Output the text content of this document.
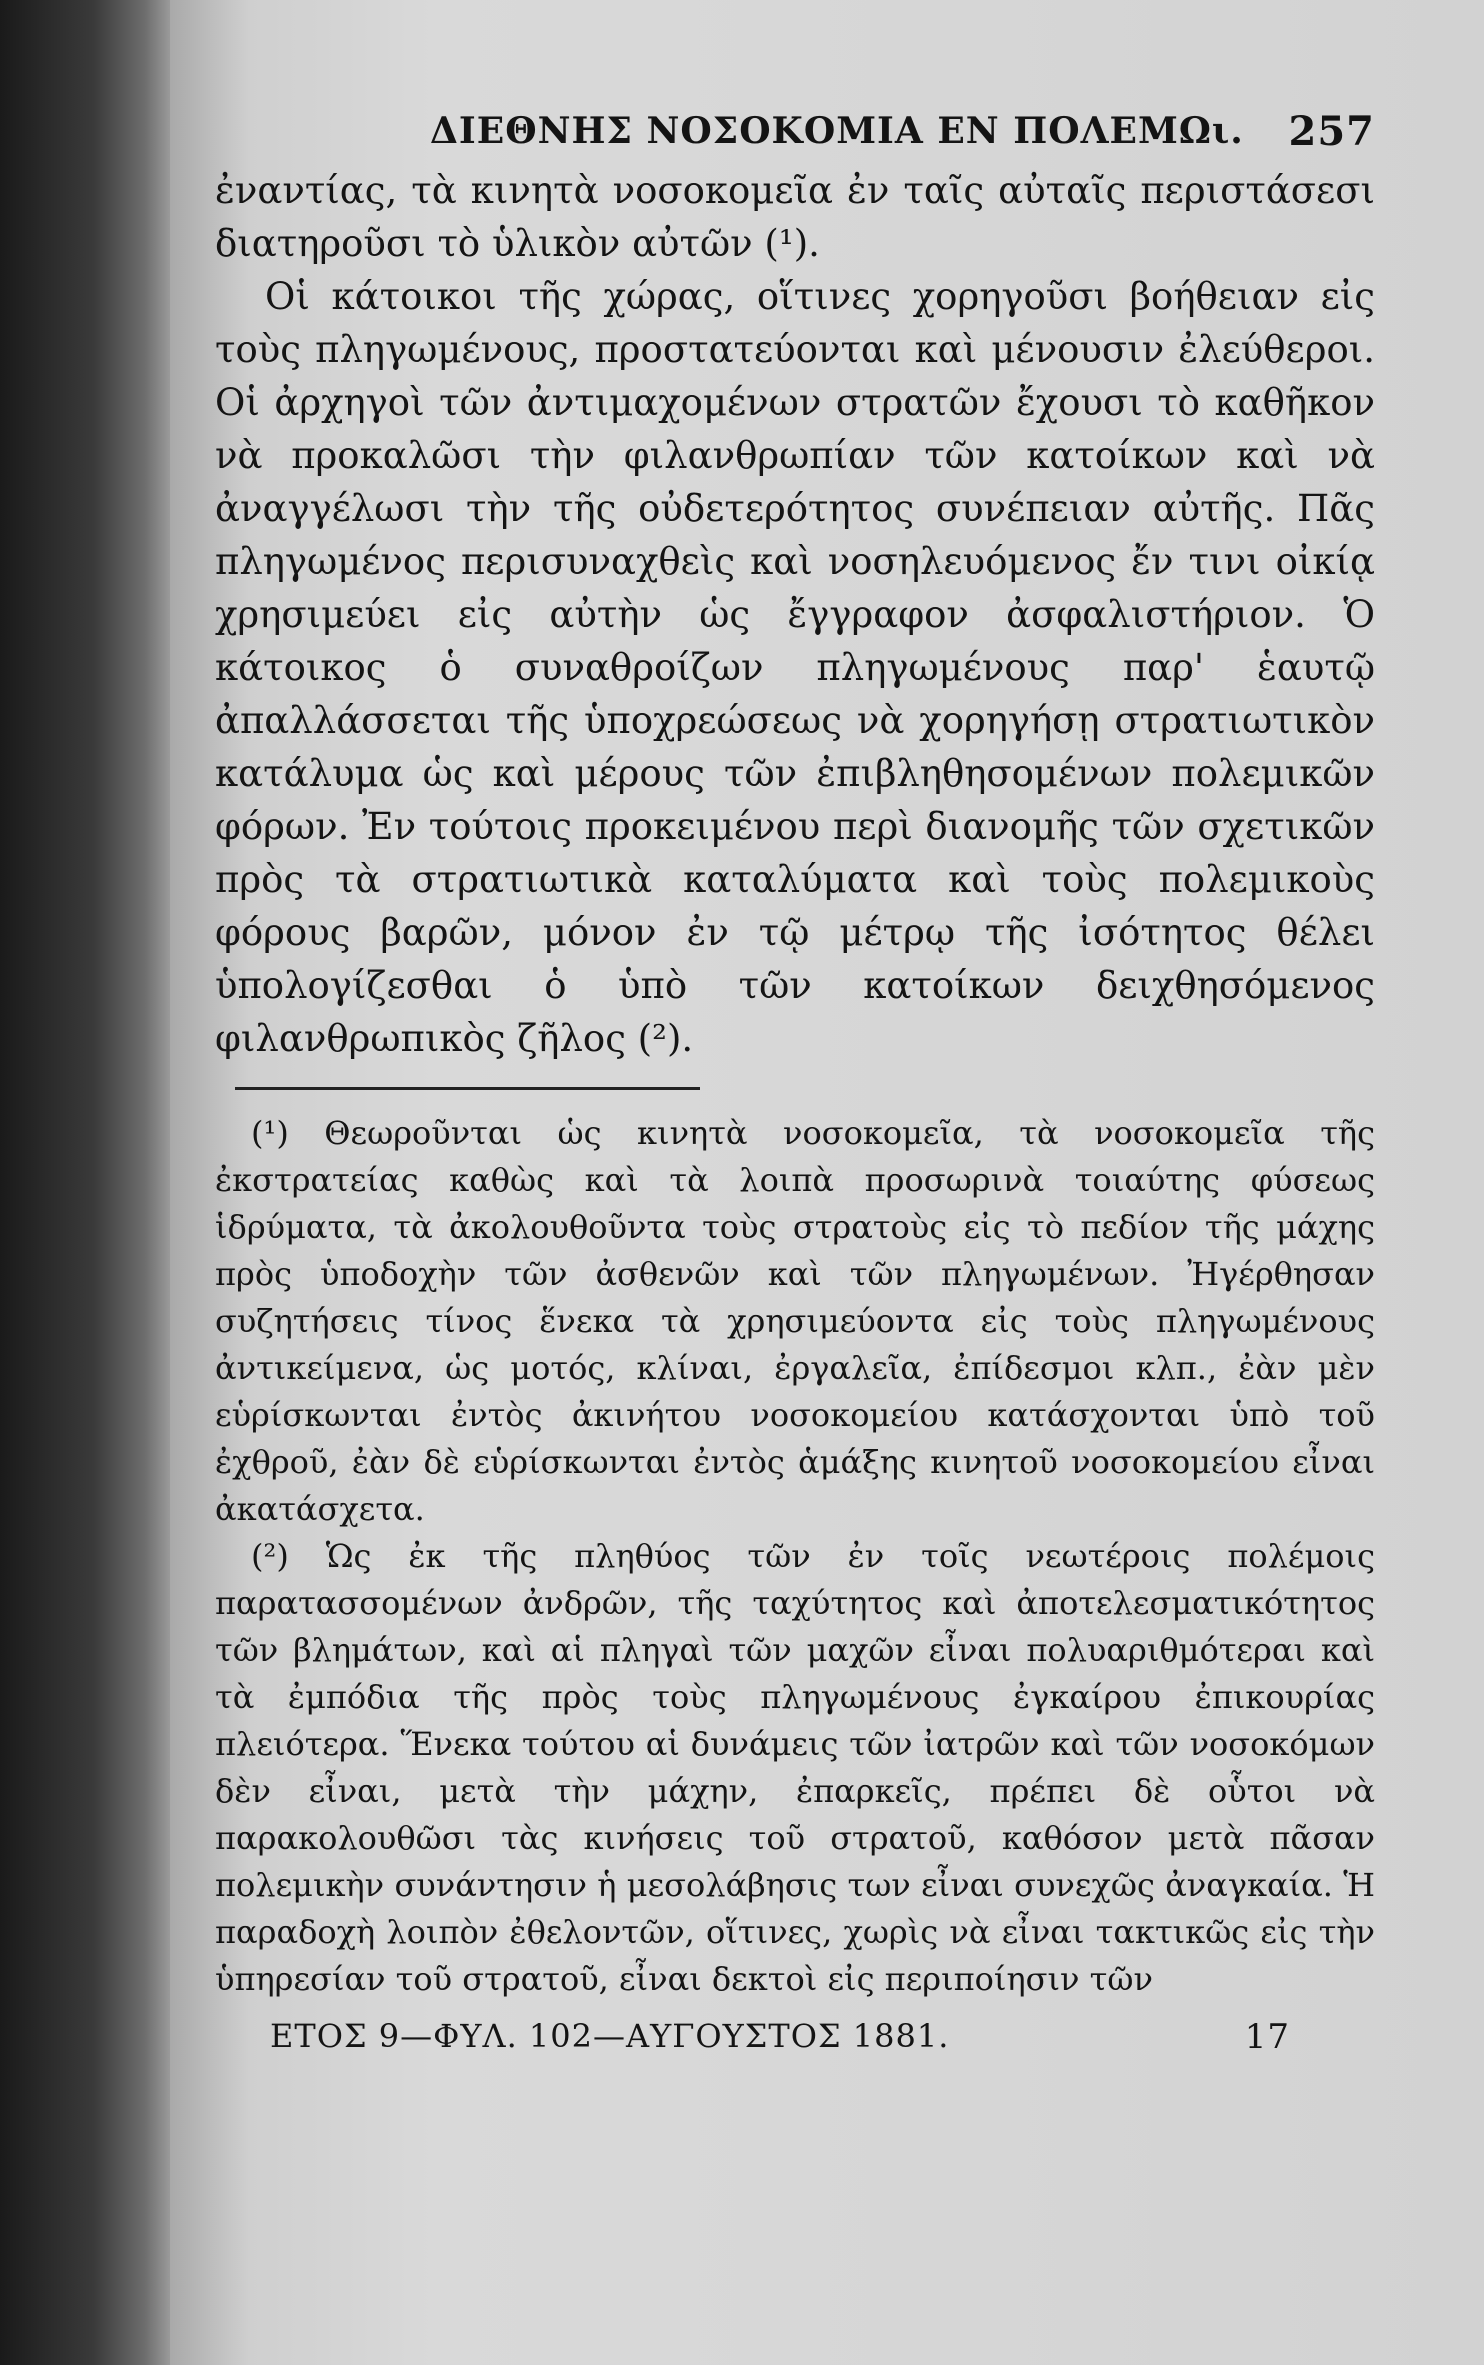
ΔΙΕΘΝΗΣ ΝΟΣΟΚΟΜΙΑ ΕΝ ΠΟΛΕΜΩι. 257

ἐναντίας, τὰ κινητὰ νοσοκομεῖα ἐν ταῖς αὐταῖς περιστάσεσι διατηροῦσι τὸ ὑλικὸν αὐτῶν (¹).

Οἱ κάτοικοι τῆς χώρας, οἵτινες χορηγοῦσι βοήθειαν εἰς τοὺς πληγωμένους, προστατεύονται καὶ μένουσιν ἐλεύθεροι. Οἱ ἀρχηγοὶ τῶν ἀντιμαχομένων στρατῶν ἔχουσι τὸ καθῆκον νὰ προκαλῶσι τὴν φιλανθρωπίαν τῶν κατοίκων καὶ νὰ ἀναγγέλωσι τὴν τῆς οὐδετερότητος συνέπειαν αὐτῆς. Πᾶς πληγωμένος περισυναχθεὶς καὶ νοσηλευόμενος ἔν τινι οἰκίᾳ χρησιμεύει εἰς αὐτὴν ὡς ἔγγραφον ἀσφαλιστήριον. Ὁ κάτοικος ὁ συναθροίζων πληγωμένους παρ' ἑαυτῷ ἀπαλλάσσεται τῆς ὑποχρεώσεως νὰ χορηγήσῃ στρατιωτικὸν κατάλυμα ὡς καὶ μέρους τῶν ἐπιβληθησομένων πολεμικῶν φόρων. Ἐν τούτοις προκειμένου περὶ διανομῆς τῶν σχετικῶν πρὸς τὰ στρατιωτικὰ καταλύματα καὶ τοὺς πολεμικοὺς φόρους βαρῶν, μόνον ἐν τῷ μέτρῳ τῆς ἰσότητος θέλει ὑπολογίζεσθαι ὁ ὑπὸ τῶν κατοίκων δειχθησόμενος φιλανθρωπικὸς ζῆλος (²).

(¹) Θεωροῦνται ὡς κινητὰ νοσοκομεῖα, τὰ νοσοκομεῖα τῆς ἐκστρατείας καθὼς καὶ τὰ λοιπὰ προσωρινὰ τοιαύτης φύσεως ἱδρύματα, τὰ ἀκολουθοῦντα τοὺς στρατοὺς εἰς τὸ πεδίον τῆς μάχης πρὸς ὑποδοχὴν τῶν ἀσθενῶν καὶ τῶν πληγωμένων. Ἠγέρθησαν συζητήσεις τίνος ἕνεκα τὰ χρησιμεύοντα εἰς τοὺς πληγωμένους ἀντικείμενα, ὡς μοτός, κλίναι, ἐργαλεῖα, ἐπίδεσμοι κλπ., ἐὰν μὲν εὑρίσκωνται ἐντὸς ἀκινήτου νοσοκομείου κατάσχονται ὑπὸ τοῦ ἐχθροῦ, ἐὰν δὲ εὑρίσκωνται ἐντὸς ἁμάξης κινητοῦ νοσοκομείου εἶναι ἀκατάσχετα.

(²) Ὡς ἐκ τῆς πληθύος τῶν ἐν τοῖς νεωτέροις πολέμοις παρατασσομένων ἀνδρῶν, τῆς ταχύτητος καὶ ἀποτελεσματικότητος τῶν βλημάτων, καὶ αἱ πληγαὶ τῶν μαχῶν εἶναι πολυαριθμότεραι καὶ τὰ ἐμπόδια τῆς πρὸς τοὺς πληγωμένους ἐγκαίρου ἐπικουρίας πλειότερα. Ἕνεκα τούτου αἱ δυνάμεις τῶν ἰατρῶν καὶ τῶν νοσοκόμων δὲν εἶναι, μετὰ τὴν μάχην, ἐπαρκεῖς, πρέπει δὲ οὗτοι νὰ παρακολουθῶσι τὰς κινήσεις τοῦ στρατοῦ, καθόσον μετὰ πᾶσαν πολεμικὴν συνάντησιν ἡ μεσολάβησις των εἶναι συνεχῶς ἀναγκαία. Ἡ παραδοχὴ λοιπὸν ἐθελοντῶν, οἵτινες, χωρὶς νὰ εἶναι τακτικῶς εἰς τὴν ὑπηρεσίαν τοῦ στρατοῦ, εἶναι δεκτοὶ εἰς περιποίησιν τῶν

ΕΤΟΣ 9—ΦΥΛ. 102—ΑΥΓΟΥΣΤΟΣ 1881.	17
